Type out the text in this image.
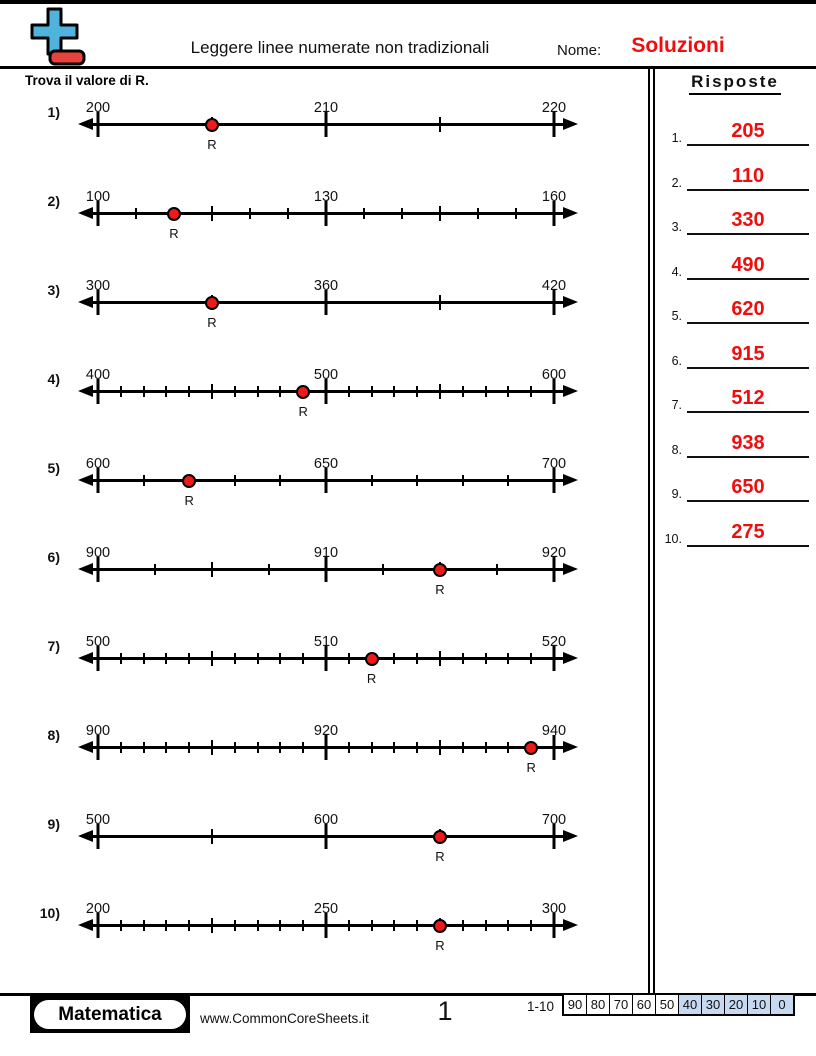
Leggere linee numerate non tradizionali	Nome:	Soluzioni
Trova il valore di R.
1) 200	210	220
R
2) 100	130	160
R
3) 300	360	420
R
4) 400	500	600
R
5) 600	650	700
R
6) 900	910	920
R
7) 500	510	520
R
8) 900	920	940
R
9) 500	600	700
R
10) 200	250	300
R
Risposte
1.	205
2.	110
3.	330
4.	490
5.	620
6.	915
7.	512
8.	938
9.	650
10.	275
Matematica	www.CommonCoreSheets.it	1	1-10 90 80 70 60 50 40 30 20 10 0
